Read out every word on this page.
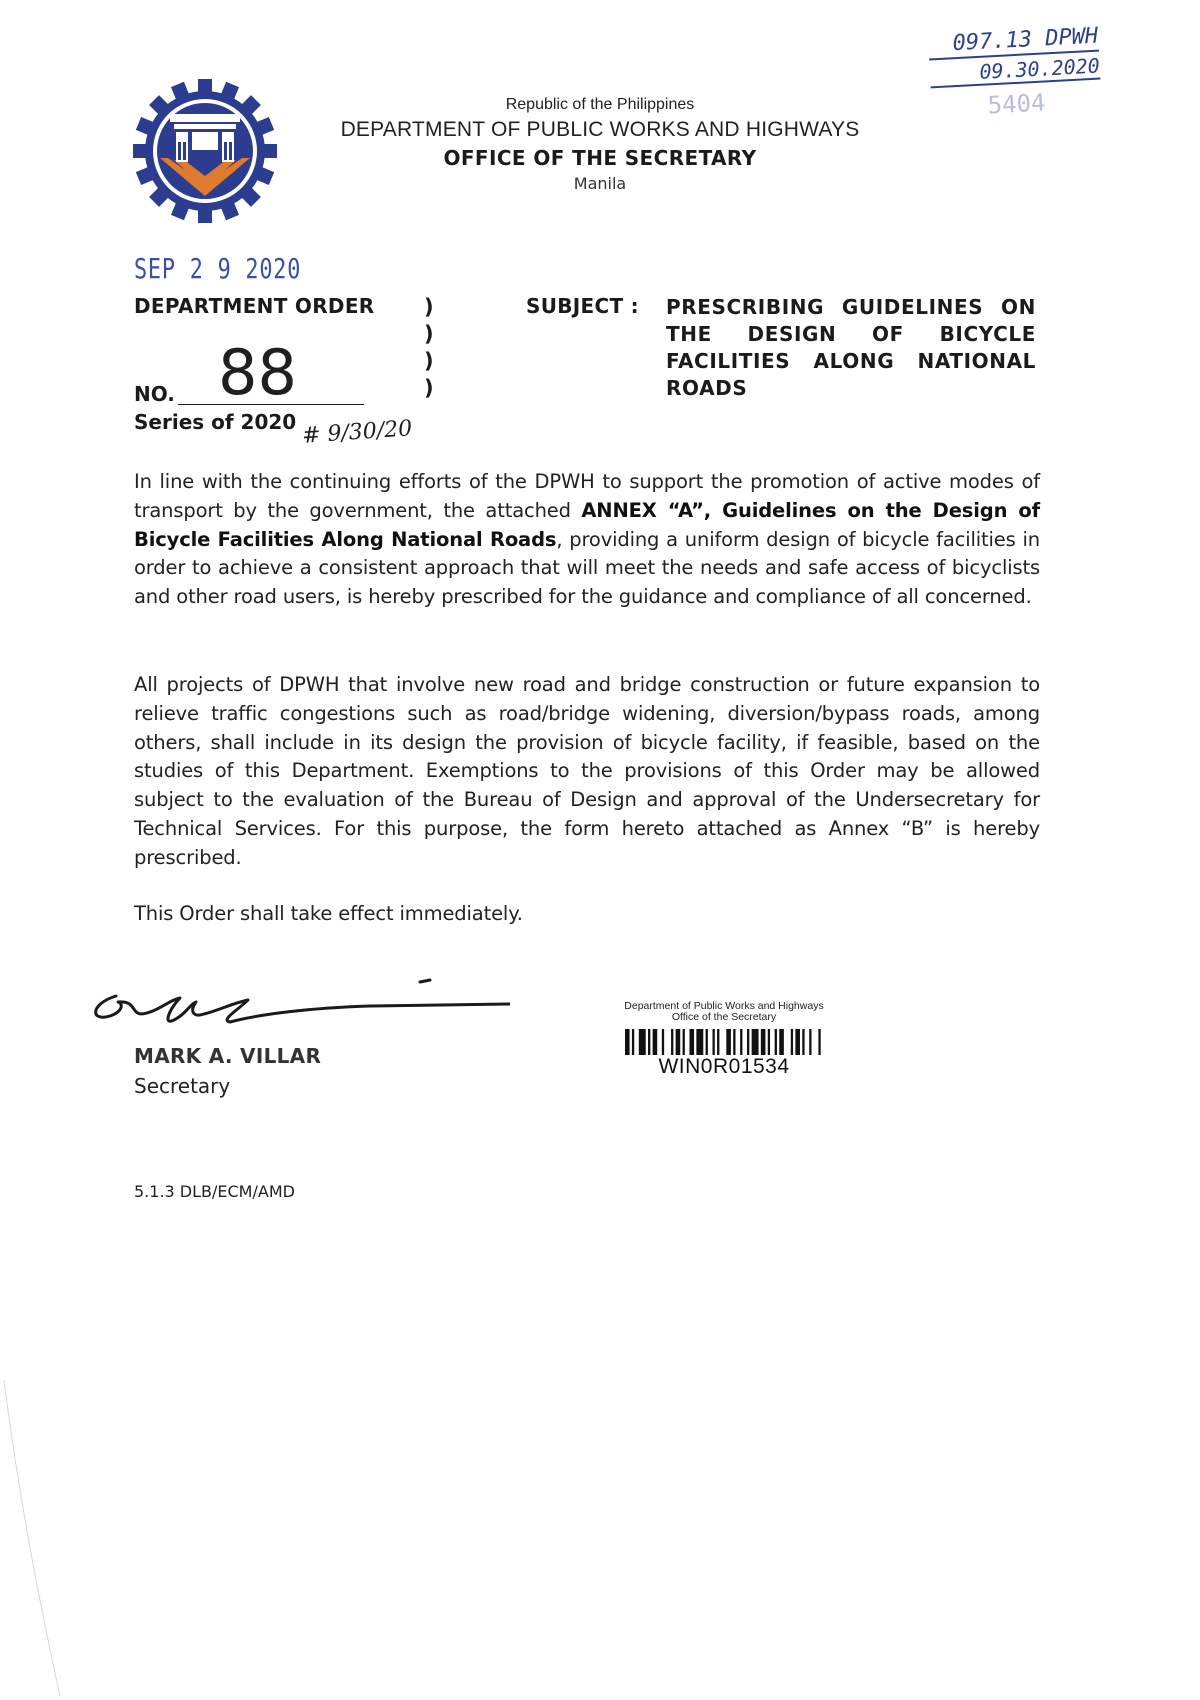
097.13 DPWH
09.30.2020
5404
Republic of the Philippines
DEPARTMENT OF PUBLIC WORKS AND HIGHWAYS
OFFICE OF THE SECRETARY
Manila
SEP 2 9 2020
DEPARTMENT ORDER
88
NO.
Series of 2020 # 9/30/20
)
)
)
)
SUBJECT : PRESCRIBING GUIDELINES ON THE DESIGN OF BICYCLE FACILITIES ALONG NATIONAL ROADS
In line with the continuing efforts of the DPWH to support the promotion of active modes of transport by the government, the attached ANNEX “A”, Guidelines on the Design of Bicycle Facilities Along National Roads, providing a uniform design of bicycle facilities in order to achieve a consistent approach that will meet the needs and safe access of bicyclists and other road users, is hereby prescribed for the guidance and compliance of all concerned.
All projects of DPWH that involve new road and bridge construction or future expansion to relieve traffic congestions such as road/bridge widening, diversion/bypass roads, among others, shall include in its design the provision of bicycle facility, if feasible, based on the studies of this Department. Exemptions to the provisions of this Order may be allowed subject to the evaluation of the Bureau of Design and approval of the Undersecretary for Technical Services. For this purpose, the form hereto attached as Annex “B” is hereby prescribed.
This Order shall take effect immediately.
MARK A. VILLAR
Secretary
Department of Public Works and Highways
Office of the Secretary
WIN0R01534
5.1.3 DLB/ECM/AMD
